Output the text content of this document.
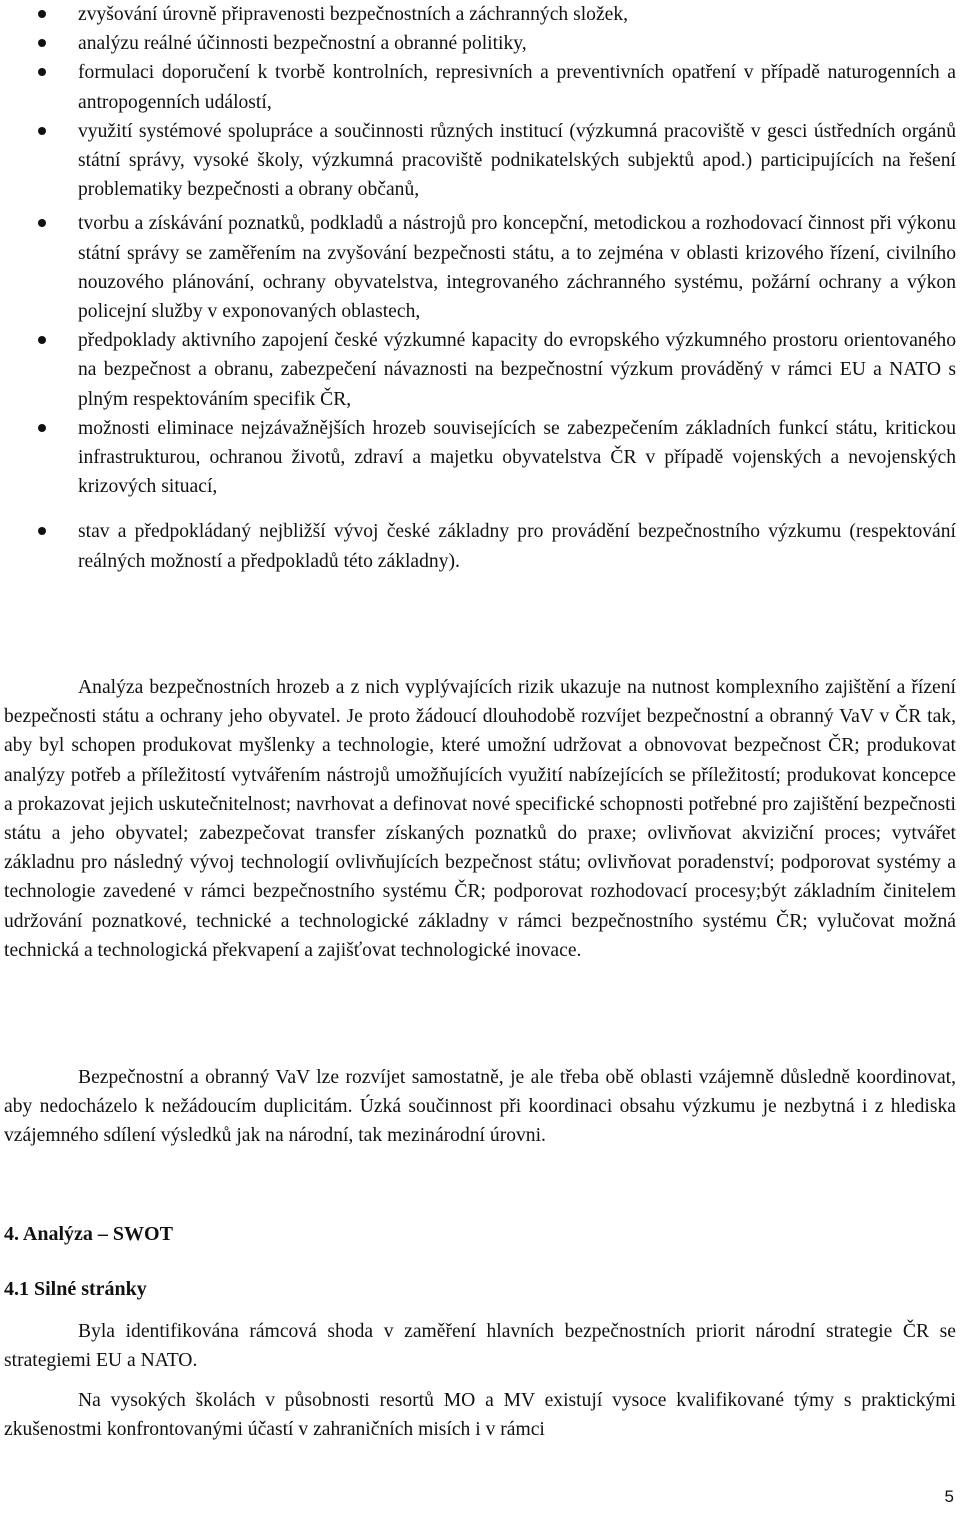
zvyšování úrovně připravenosti bezpečnostních a záchranných složek,
analýzu reálné účinnosti bezpečnostní a obranné politiky,
formulaci doporučení k tvorbě kontrolních, represivních a preventivních opatření v případě naturogenních a antropogenních událostí,
využití systémové spolupráce a součinnosti různých institucí (výzkumná pracoviště v gesci ústředních orgánů státní správy, vysoké školy, výzkumná pracoviště podnikatelských subjektů apod.) participujících na řešení problematiky bezpečnosti a obrany občanů,
tvorbu a získávání poznatků, podkladů a nástrojů pro koncepční, metodickou a rozhodovací činnost při výkonu státní správy se zaměřením na zvyšování bezpečnosti státu, a to zejména v oblasti krizového řízení, civilního nouzového plánování, ochrany obyvatelstva, integrovaného záchranného systému, požární ochrany a výkon policejní služby v exponovaných oblastech,
předpoklady aktivního zapojení české výzkumné kapacity do evropského výzkumného prostoru orientovaného na bezpečnost a obranu, zabezpečení návaznosti na bezpečnostní výzkum prováděný v rámci EU a NATO s plným respektováním specifik ČR,
možnosti eliminace nejzávažnějších hrozeb souvisejících se zabezpečením základních funkcí státu, kritickou infrastrukturou, ochranou životů, zdraví a majetku obyvatelstva ČR v případě vojenských a nevojenských krizových situací,
stav a předpokládaný nejbližší vývoj české základny pro provádění bezpečnostního výzkumu (respektování reálných možností a předpokladů této základny).

Analýza bezpečnostních hrozeb a z nich vyplývajících rizik ukazuje na nutnost komplexního zajištění a řízení bezpečnosti státu a ochrany jeho obyvatel. Je proto žádoucí dlouhodobě rozvíjet bezpečnostní a obranný VaV v ČR tak, aby byl schopen produkovat myšlenky a technologie, které umožní udržovat a obnovovat bezpečnost ČR; produkovat analýzy potřeb a příležitostí vytvářením nástrojů umožňujících využití nabízejících se příležitostí; produkovat koncepce a prokazovat jejich uskutečnitelnost; navrhovat a definovat nové specifické schopnosti potřebné pro zajištění bezpečnosti státu a jeho obyvatel; zabezpečovat transfer získaných poznatků do praxe; ovlivňovat akviziční proces; vytvářet základnu pro následný vývoj technologií ovlivňujících bezpečnost státu; ovlivňovat poradenství; podporovat systémy a technologie zavedené v rámci bezpečnostního systému ČR; podporovat rozhodovací procesy;být základním činitelem udržování poznatkové, technické a technologické základny v rámci bezpečnostního systému ČR; vylučovat možná technická a technologická překvapení a zajišťovat technologické inovace.

Bezpečnostní a obranný VaV lze rozvíjet samostatně, je ale třeba obě oblasti vzájemně důsledně koordinovat, aby nedocházelo k nežádoucím duplicitám. Úzká součinnost při koordinaci obsahu výzkumu je nezbytná i z hlediska vzájemného sdílení výsledků jak na národní, tak mezinárodní úrovni.

4. Analýza – SWOT
4.1 Silné stránky

Byla identifikována rámcová shoda v zaměření hlavních bezpečnostních priorit národní strategie ČR se strategiemi EU a NATO.

Na vysokých školách v působnosti resortů MO a MV existují vysoce kvalifikované týmy s praktickými zkušenostmi konfrontovanými účastí v zahraničních misích i v rámci

5
